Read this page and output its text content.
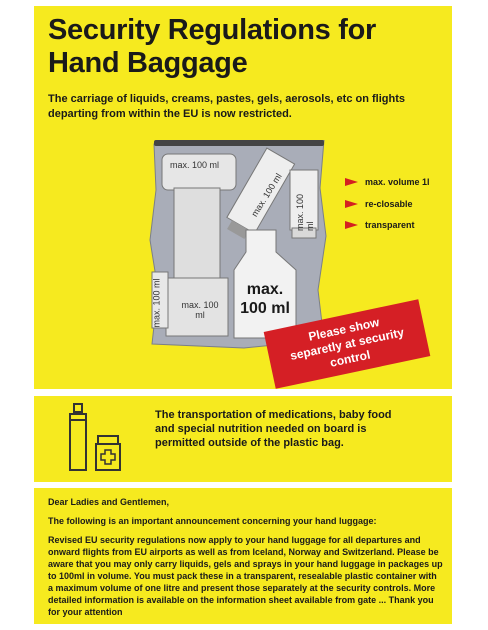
Security Regulations for Hand Baggage
The carriage of liquids, creams, pastes, gels, aerosols, etc on flights departing from within the EU is now restricted.
max. 100 ml
max. 100 ml max. 100 ml
max. 100 ml	max. 100 ml
max. 100 ml
max. volume 1l
re-closable
transparent
Please show separetly at security control
The transportation of medications, baby food and special nutrition needed on board is permitted outside of the plastic bag.

Dear Ladies and Gentlemen,

The following is an important announcement concerning your hand luggage:

Revised EU security regulations now apply to your hand luggage for all departures and onward flights from EU airports as well as from Iceland, Norway and Switzerland. Please be aware that you may only carry liquids, gels and sprays in your hand luggage in packages up to 100ml in volume. You must pack these in a transparent, resealable plastic container with a maximum volume of one litre and present those separately at the security controls. More detailed information is available on the information sheet available from gate ... Thank you for your attention
